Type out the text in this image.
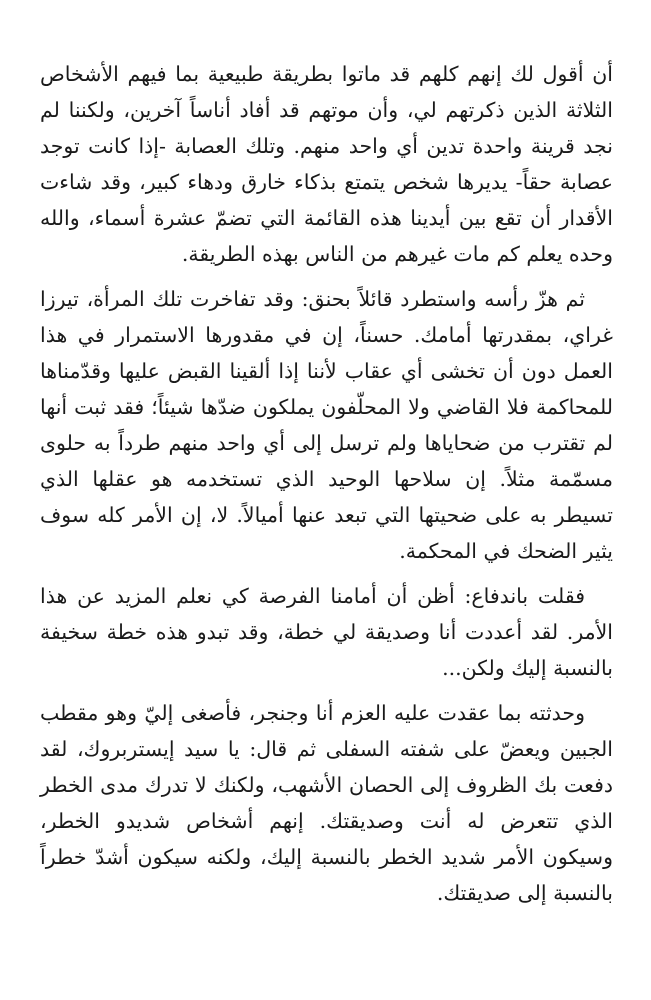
أن أقول لك إنهم كلهم قد ماتوا بطريقة طبيعية بما فيهم الأشخاص الثلاثة الذين ذكرتهم لي، وأن موتهم قد أفاد أناساً آخرين، ولكننا لم نجد قرينة واحدة تدين أي واحد منهم. وتلك العصابة -إذا كانت توجد عصابة حقاً- يديرها شخص يتمتع بذكاء خارق ودهاء كبير، وقد شاءت الأقدار أن تقع بين أيدينا هذه القائمة التي تضمّ عشرة أسماء، والله وحده يعلم كم مات غيرهم من الناس بهذه الطريقة.

ثم هزّ رأسه واستطرد قائلاً بحنق: وقد تفاخرت تلك المرأة، تيرزا غراي، بمقدرتها أمامك. حسناً، إن في مقدورها الاستمرار في هذا العمل دون أن تخشى أي عقاب لأننا إذا ألقينا القبض عليها وقدّمناها للمحاكمة فلا القاضي ولا المحلّفون يملكون ضدّها شيئاً؛ فقد ثبت أنها لم تقترب من ضحاياها ولم ترسل إلى أي واحد منهم طرداً به حلوى مسمّمة مثلاً. إن سلاحها الوحيد الذي تستخدمه هو عقلها الذي تسيطر به على ضحيتها التي تبعد عنها أميالاً. لا، إن الأمر كله سوف يثير الضحك في المحكمة.

فقلت باندفاع: أظن أن أمامنا الفرصة كي نعلم المزيد عن هذا الأمر. لقد أعددت أنا وصديقة لي خطة، وقد تبدو هذه خطة سخيفة بالنسبة إليك ولكن...

وحدثته بما عقدت عليه العزم أنا وجنجر، فأصغى إليّ وهو مقطب الجبين ويعضّ على شفته السفلى ثم قال: يا سيد إيستربروك، لقد دفعت بك الظروف إلى الحصان الأشهب، ولكنك لا تدرك مدى الخطر الذي تتعرض له أنت وصديقتك. إنهم أشخاص شديدو الخطر، وسيكون الأمر شديد الخطر بالنسبة إليك، ولكنه سيكون أشدّ خطراً بالنسبة إلى صديقتك.
